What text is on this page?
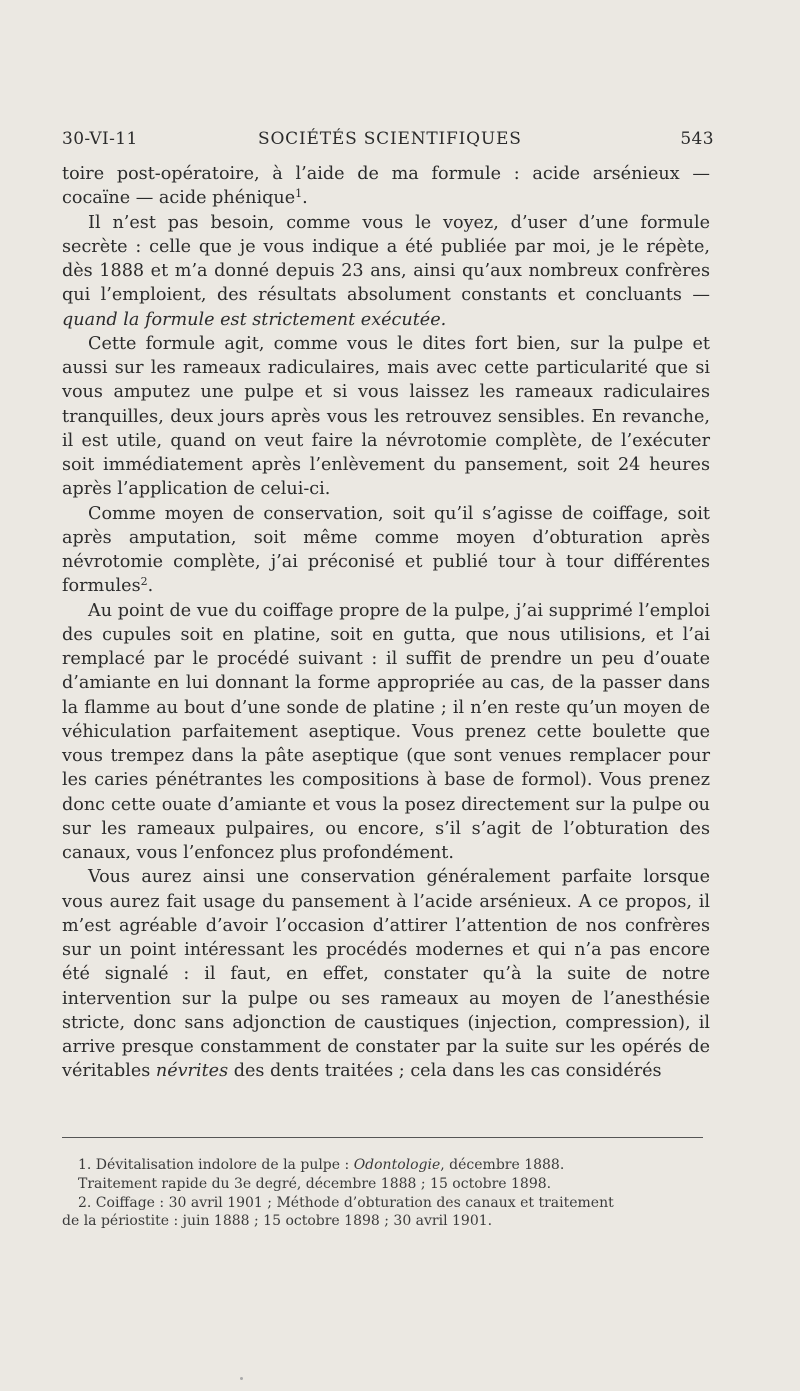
30-VI-11	SOCIÉTÉS SCIENTIFIQUES	543

toire post-opératoire, à l’aide de ma formule : acide arsénieux — cocaïne — acide phénique$^1$.

Il n’est pas besoin, comme vous le voyez, d’user d’une formule secrète : celle que je vous indique a été publiée par moi, je le répète, dès 1888 et m’a donné depuis 23 ans, ainsi qu’aux nombreux confrères qui l’emploient, des résultats absolument constants et concluants — quand la formule est strictement exécutée.

Cette formule agit, comme vous le dites fort bien, sur la pulpe et aussi sur les rameaux radiculaires, mais avec cette particularité que si vous amputez une pulpe et si vous laissez les rameaux radiculaires tranquilles, deux jours après vous les retrouvez sensibles. En revanche, il est utile, quand on veut faire la névrotomie complète, de l’exécuter soit immédiatement après l’enlèvement du pansement, soit 24 heures après l’application de celui-ci.

Comme moyen de conservation, soit qu’il s’agisse de coiffage, soit après amputation, soit même comme moyen d’obturation après névrotomie complète, j’ai préconisé et publié tour à tour différentes formules$^2$.

Au point de vue du coiffage propre de la pulpe, j’ai supprimé l’emploi des cupules soit en platine, soit en gutta, que nous utilisions, et l’ai remplacé par le procédé suivant : il suffit de prendre un peu d’ouate d’amiante en lui donnant la forme appropriée au cas, de la passer dans la flamme au bout d’une sonde de platine ; il n’en reste qu’un moyen de véhiculation parfaitement aseptique. Vous prenez cette boulette que vous trempez dans la pâte aseptique (que sont venues remplacer pour les caries pénétrantes les compositions à base de formol). Vous prenez donc cette ouate d’amiante et vous la posez directement sur la pulpe ou sur les rameaux pulpaires, ou encore, s’il s’agit de l’obturation des canaux, vous l’enfoncez plus profondément.

Vous aurez ainsi une conservation généralement parfaite lorsque vous aurez fait usage du pansement à l’acide arsénieux. A ce propos, il m’est agréable d’avoir l’occasion d’attirer l’attention de nos confrères sur un point intéressant les procédés modernes et qui n’a pas encore été signalé : il faut, en effet, constater qu’à la suite de notre intervention sur la pulpe ou ses rameaux au moyen de l’anesthésie stricte, donc sans adjonction de caustiques (injection, compression), il arrive presque constamment de constater par la suite sur les opérés de véritables névrites des dents traitées ; cela dans les cas considérés

1. Dévitalisation indolore de la pulpe : Odontologie, décembre 1888.

Traitement rapide du 3e degré, décembre 1888 ; 15 octobre 1898.

2. Coiffage : 30 avril 1901 ; Méthode d’obturation des canaux et traitement

de la périostite : juin 1888 ; 15 octobre 1898 ; 30 avril 1901.
